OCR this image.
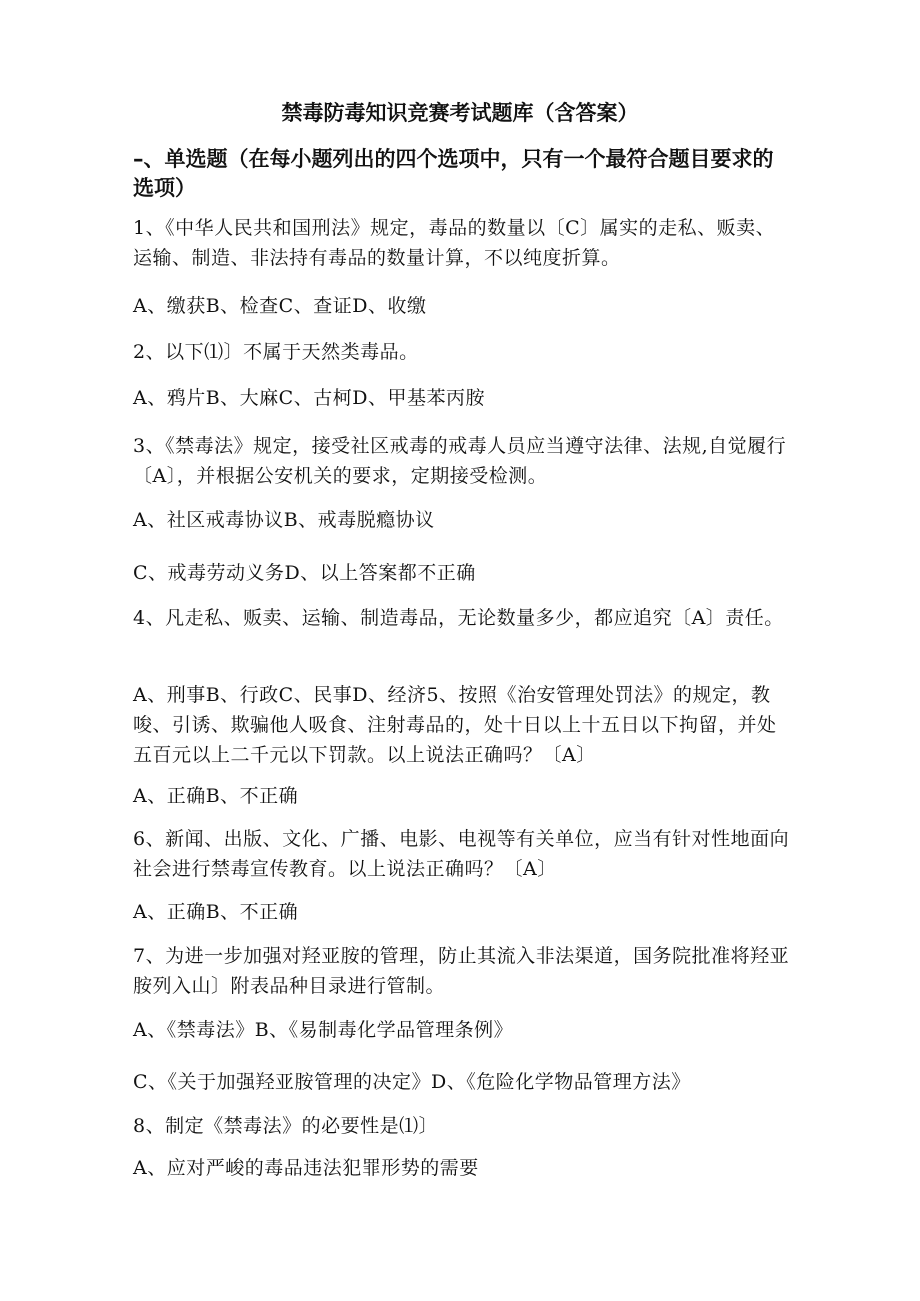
禁毒防毒知识竞赛考试题库（含答案）
–、单选题（在每小题列出的四个选项中，只有一个最符合题目要求的选项）
1、《中华人民共和国刑法》规定，毒品的数量以〔C〕属实的走私、贩卖、运输、制造、非法持有毒品的数量计算，不以纯度折算。
A、缴获B、检查C、查证D、收缴
2、以下⑴〕不属于天然类毒品。
A、鸦片B、大麻C、古柯D、甲基苯丙胺
3、《禁毒法》规定，接受社区戒毒的戒毒人员应当遵守法律、法规,自觉履行〔A〕，并根据公安机关的要求，定期接受检测。
A、社区戒毒协议B、戒毒脱瘾协议
C、戒毒劳动义务D、以上答案都不正确
4、凡走私、贩卖、运输、制造毒品，无论数量多少，都应追究〔A〕责任。
A、刑事B、行政C、民事D、经济5、按照《治安管理处罚法》的规定，教唆、引诱、欺骗他人吸食、注射毒品的，处十日以上十五日以下拘留，并处五百元以上二千元以下罚款。以上说法正确吗？〔A〕
A、正确B、不正确
6、新闻、出版、文化、广播、电影、电视等有关单位，应当有针对性地面向社会进行禁毒宣传教育。以上说法正确吗？〔A〕
A、正确B、不正确
7、为进一步加强对羟亚胺的管理，防止其流入非法渠道，国务院批准将羟亚胺列入山〕附表品种目录进行管制。
A、《禁毒法》B、《易制毒化学品管理条例》
C、《关于加强羟亚胺管理的决定》D、《危险化学物品管理方法》
8、制定《禁毒法》的必要性是⑴〕
A、应对严峻的毒品违法犯罪形势的需要
